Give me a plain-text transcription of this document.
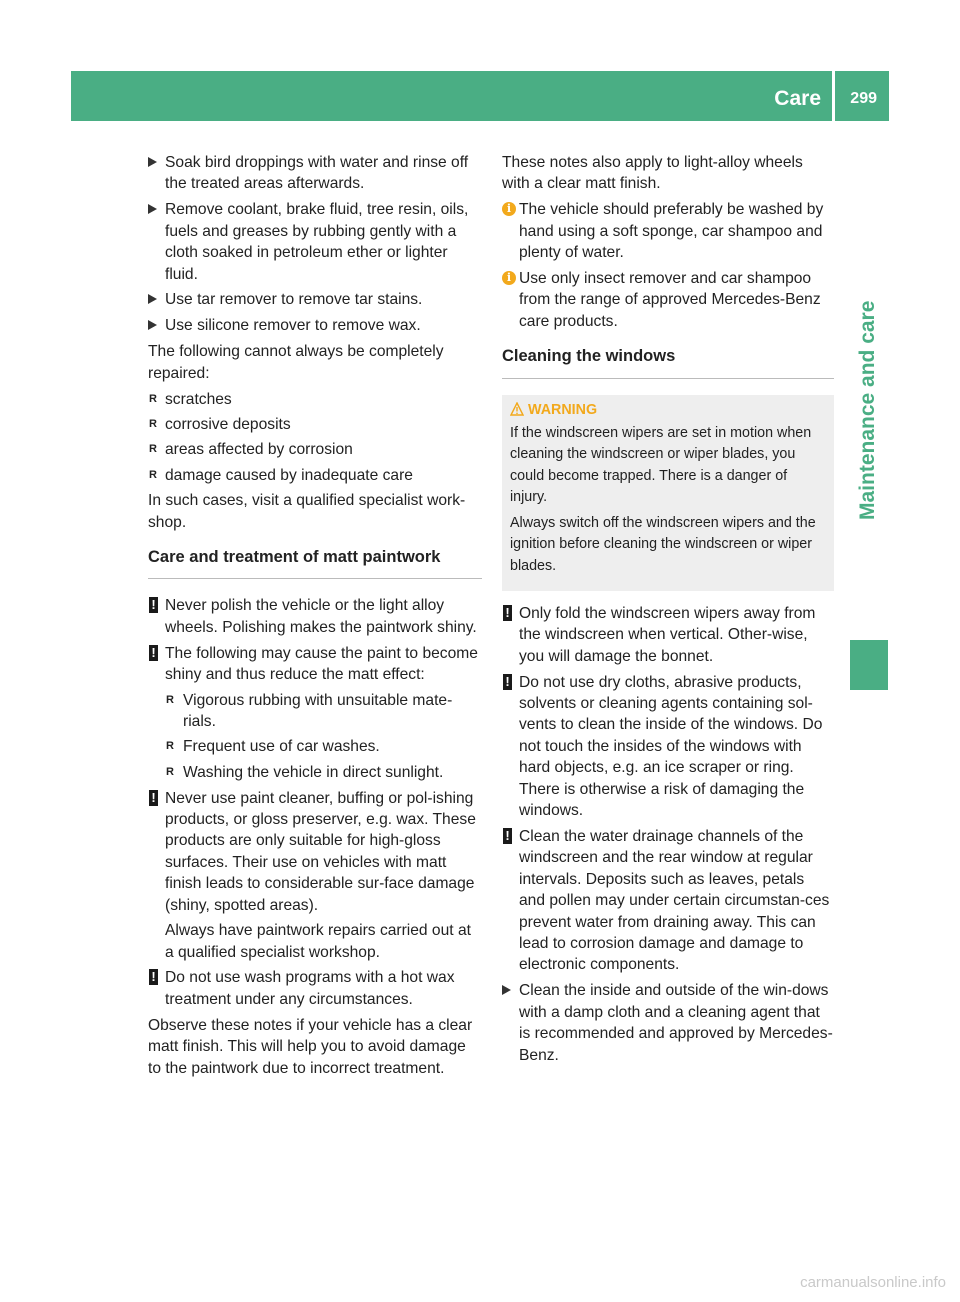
Care 299
Maintenance and care
Soak bird droppings with water and rinse off the treated areas afterwards.
Remove coolant, brake fluid, tree resin, oils, fuels and greases by rubbing gently with a cloth soaked in petroleum ether or lighter fluid.
Use tar remover to remove tar stains.
Use silicone remover to remove wax.

The following cannot always be completely repaired:

R scratches
R corrosive deposits
R areas affected by corrosion
R damage caused by inadequate care

In such cases, visit a qualified specialist work-shop.

Care and treatment of matt paintwork
! Never polish the vehicle or the light alloy wheels. Polishing makes the paintwork shiny.
! The following may cause the paint to become shiny and thus reduce the matt effect:
R Vigorous rubbing with unsuitable mate-rials.
R Frequent use of car washes.
R Washing the vehicle in direct sunlight.
! Never use paint cleaner, buffing or pol-ishing products, or gloss preserver, e.g. wax. These products are only suitable for high-gloss surfaces. Their use on vehicles with matt finish leads to considerable sur-face damage (shiny, spotted areas).

Always have paintwork repairs carried out at a qualified specialist workshop.

! Do not use wash programs with a hot wax treatment under any circumstances.

Observe these notes if your vehicle has a clear matt finish. This will help you to avoid damage to the paintwork due to incorrect treatment.

These notes also apply to light-alloy wheels with a clear matt finish.

i The vehicle should preferably be washed by hand using a soft sponge, car shampoo and plenty of water.
i Use only insect remover and car shampoo from the range of approved Mercedes-Benz care products.
Cleaning the windows
WARNING

If the windscreen wipers are set in motion when cleaning the windscreen or wiper blades, you could become trapped. There is a danger of injury.

Always switch off the windscreen wipers and the ignition before cleaning the windscreen or wiper blades.

! Only fold the windscreen wipers away from the windscreen when vertical. Other-wise, you will damage the bonnet.
! Do not use dry cloths, abrasive products, solvents or cleaning agents containing sol-vents to clean the inside of the windows. Do not touch the insides of the windows with hard objects, e.g. an ice scraper or ring. There is otherwise a risk of damaging the windows.
! Clean the water drainage channels of the windscreen and the rear window at regular intervals. Deposits such as leaves, petals and pollen may under certain circumstan-ces prevent water from draining away. This can lead to corrosion damage and damage to electronic components.
Clean the inside and outside of the win-dows with a damp cloth and a cleaning agent that is recommended and approved by Mercedes-Benz.
carmanualsonline.info
